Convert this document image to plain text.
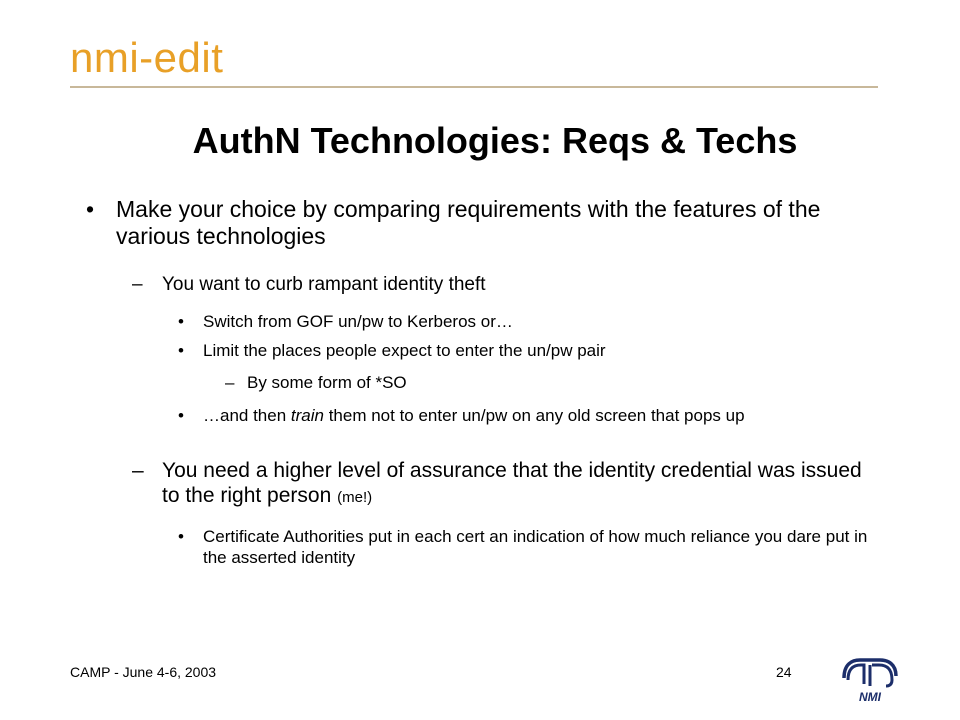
nmi-edit
AuthN Technologies: Reqs & Techs

• Make your choice by comparing requirements with the features of the various technologies

– You want to curb rampant identity theft

• Switch from GOF un/pw to Kerberos or…

• Limit the places people expect to enter the un/pw pair

– By some form of *SO

• …and then train them not to enter un/pw on any old screen that pops up

– You need a higher level of assurance that the identity credential was issued to the right person (me!)

• Certificate Authorities put in each cert an indication of how much reliance you dare put in the asserted identity

CAMP - June 4-6, 2003	24
NMI
